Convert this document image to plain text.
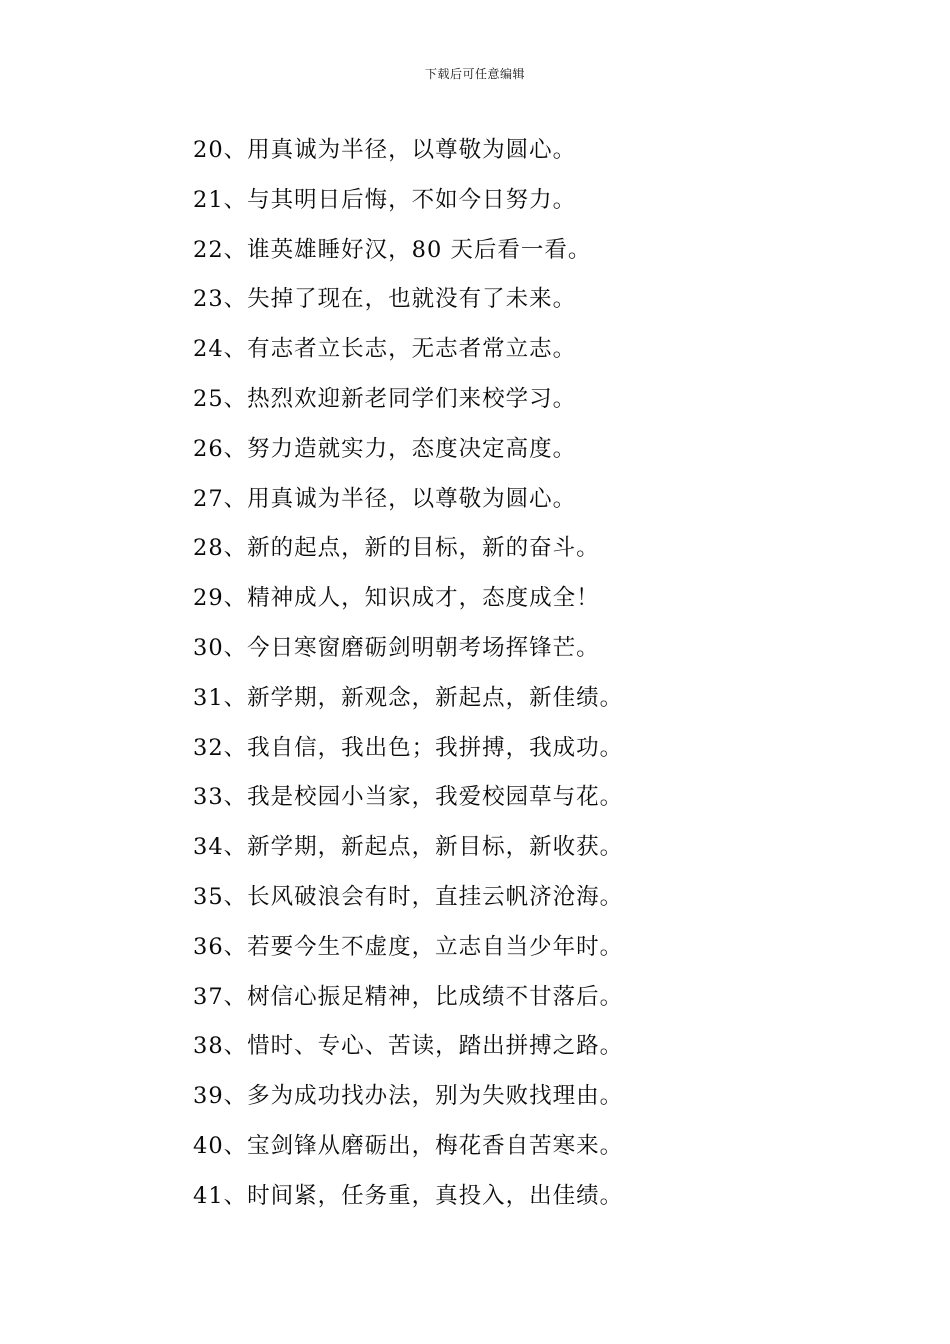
下载后可任意编辑
20、用真诚为半径，以尊敬为圆心。
21、与其明日后悔，不如今日努力。
22、谁英雄睡好汉，80 天后看一看。
23、失掉了现在，也就没有了未来。
24、有志者立长志，无志者常立志。
25、热烈欢迎新老同学们来校学习。
26、努力造就实力，态度决定高度。
27、用真诚为半径，以尊敬为圆心。
28、新的起点，新的目标，新的奋斗。
29、精神成人，知识成才，态度成全！
30、今日寒窗磨砺剑明朝考场挥锋芒。
31、新学期，新观念，新起点，新佳绩。
32、我自信，我出色；我拼搏，我成功。
33、我是校园小当家，我爱校园草与花。
34、新学期，新起点，新目标，新收获。
35、长风破浪会有时，直挂云帆济沧海。
36、若要今生不虚度，立志自当少年时。
37、树信心振足精神，比成绩不甘落后。
38、惜时、专心、苦读，踏出拼搏之路。
39、多为成功找办法，别为失败找理由。
40、宝剑锋从磨砺出，梅花香自苦寒来。
41、时间紧，任务重，真投入，出佳绩。
